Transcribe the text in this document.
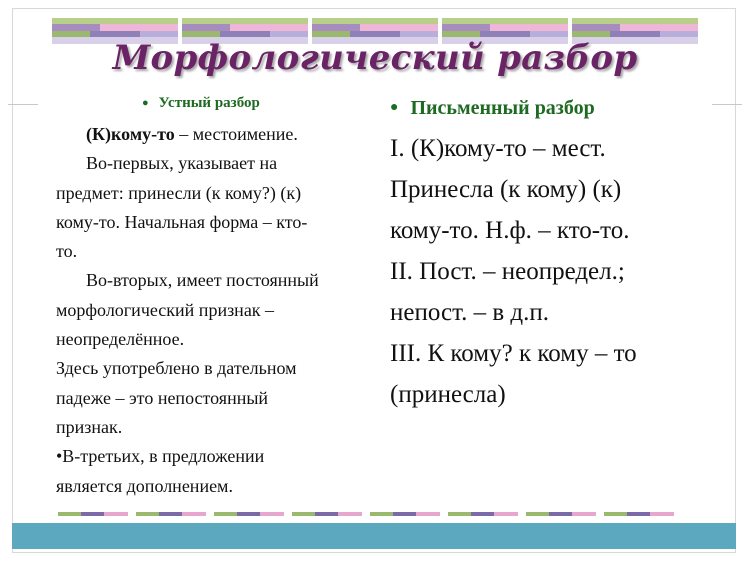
Морфологический разбор
● Устный разбор

(К)кому-то – местоимение.

Во-первых, указывает на

предмет: принесли (к кому?) (к)

кому-то. Начальная форма – кто-

то.

Во-вторых, имеет постоянный

морфологический признак –

неопределённое.

Здесь употреблено в дательном

падеже – это непостоянный

признак.

•В-третьих, в предложении

является дополнением.

● Письменный разбор

I. (К)кому-то – мест.

Принесла (к кому) (к)

кому-то. Н.ф. – кто-то.

II. Пост. – неопредел.;

непост. – в д.п.

III. К кому? к кому – то

(принесла)
